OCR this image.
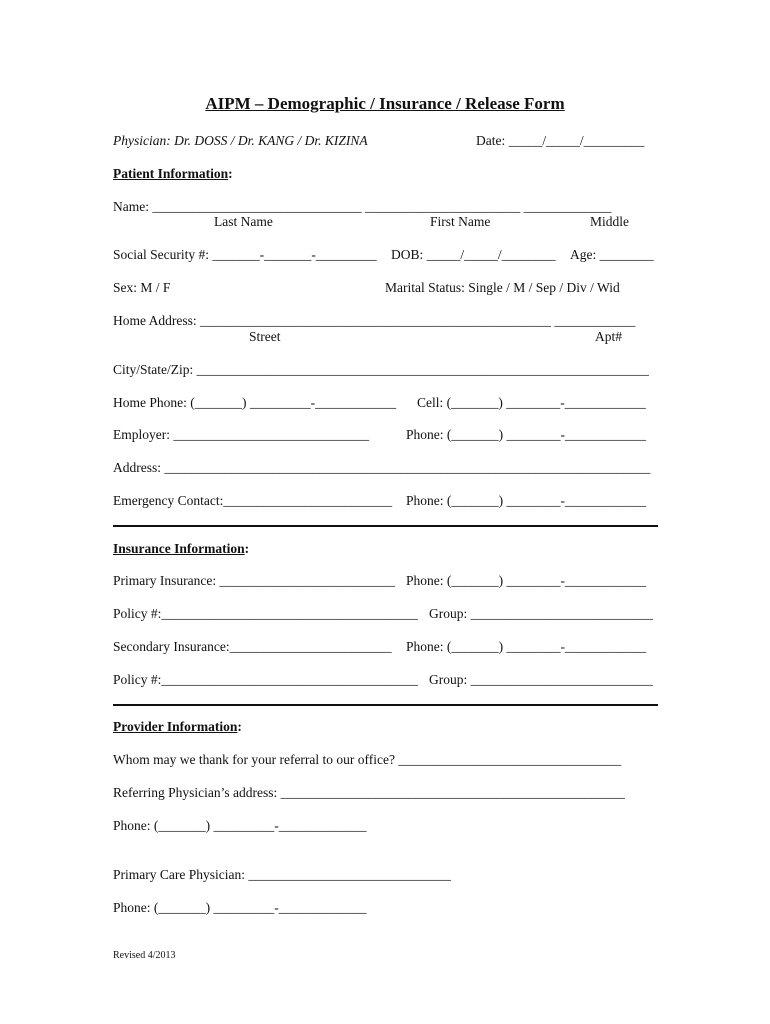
AIPM – Demographic / Insurance / Release Form
Physician: Dr. DOSS / Dr. KANG / Dr. KIZINA	Date: _____/_____/_________
Patient Information:
Name: _______________________________ _______________________ _____________
Last Name	First Name	Middle
Social Security #: _______-_______-_________ DOB: _____/_____/________ Age: ________
Sex: M / F	Marital Status: Single / M / Sep / Div / Wid
Home Address: ____________________________________________________ ____________
Street	Apt#
City/State/Zip: ___________________________________________________________________
Home Phone: (_______) _________-____________ Cell: (_______) ________-____________
Employer: _____________________________	Phone: (_______) ________-____________
Address: ________________________________________________________________________
Emergency Contact:_________________________ Phone: (_______) ________-____________
Insurance Information:
Primary Insurance: __________________________ Phone: (_______) ________-____________
Policy #:______________________________________ Group: ___________________________
Secondary Insurance:________________________ Phone: (_______) ________-____________
Policy #:______________________________________ Group: ___________________________
Provider Information:
Whom may we thank for your referral to our office? _________________________________
Referring Physician’s address: ___________________________________________________
Phone: (_______) _________-_____________
Primary Care Physician: ______________________________
Phone: (_______) _________-_____________
Revised 4/2013
